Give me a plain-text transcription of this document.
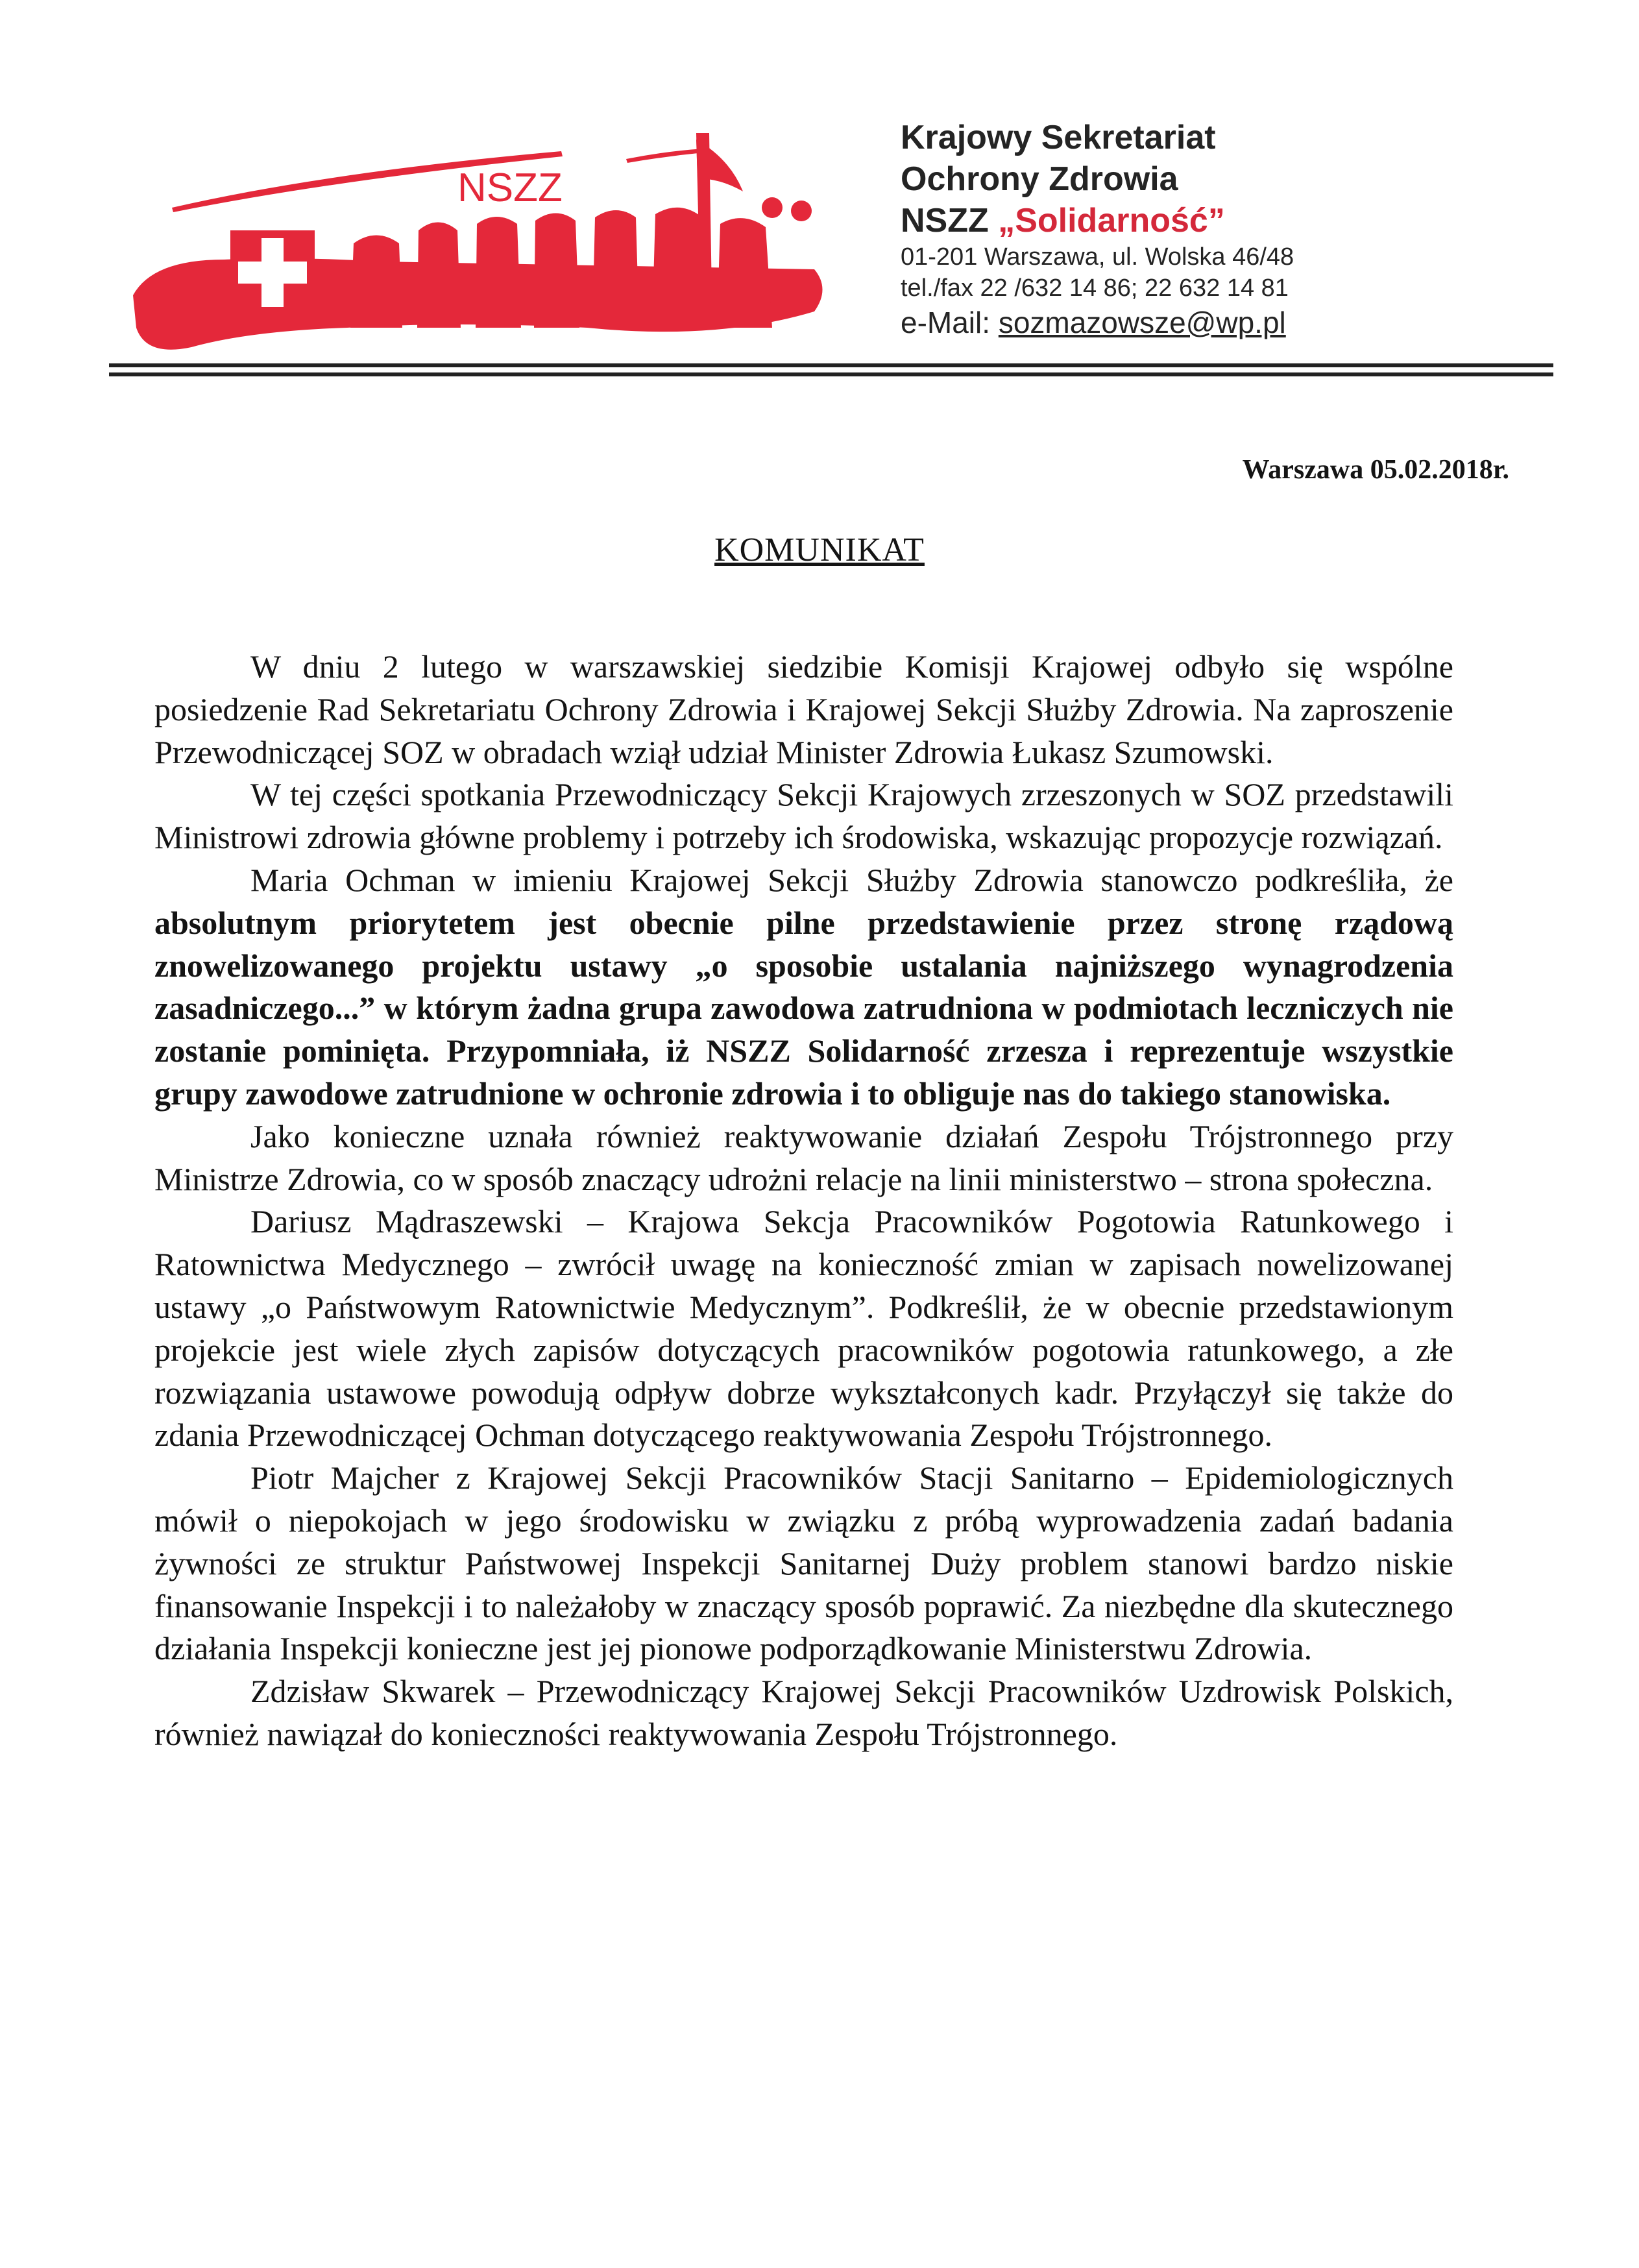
NSZZ
Krajowy Sekretariat
Ochrony Zdrowia
NSZZ „Solidarność”
01-201 Warszawa, ul. Wolska 46/48
tel./fax 22 /632 14 86; 22 632 14 81
e-Mail: sozmazowsze@wp.pl
Warszawa 05.02.2018r.
KOMUNIKAT

W dniu 2 lutego w warszawskiej siedzibie Komisji Krajowej odbyło się wspólne posiedzenie Rad Sekretariatu Ochrony Zdrowia i Krajowej Sekcji Służby Zdrowia. Na zaproszenie Przewodniczącej SOZ w obradach wziął udział Minister Zdrowia Łukasz Szumowski.

W tej części spotkania Przewodniczący Sekcji Krajowych zrzeszonych w SOZ przedstawili Ministrowi zdrowia główne problemy i potrzeby ich środowiska, wskazując propozycje rozwiązań.

Maria Ochman w imieniu Krajowej Sekcji Służby Zdrowia stanowczo podkreśliła, że absolutnym priorytetem jest obecnie pilne przedstawienie przez stronę rządową znowelizowanego projektu ustawy „o sposobie ustalania najniższego wynagrodzenia zasadniczego...” w którym żadna grupa zawodowa zatrudniona w podmiotach leczniczych nie zostanie pominięta. Przypomniała, iż NSZZ Solidarność zrzesza i reprezentuje wszystkie grupy zawodowe zatrudnione w ochronie zdrowia i to obliguje nas do takiego stanowiska.

Jako konieczne uznała również reaktywowanie działań Zespołu Trójstronnego przy Ministrze Zdrowia, co w sposób znaczący udrożni relacje na linii ministerstwo – strona społeczna.

Dariusz Mądraszewski – Krajowa Sekcja Pracowników Pogotowia Ratunkowego i Ratownictwa Medycznego – zwrócił uwagę na konieczność zmian w zapisach nowelizowanej ustawy „o Państwowym Ratownictwie Medycznym”. Podkreślił, że w obecnie przedstawionym projekcie jest wiele złych zapisów dotyczących pracowników pogotowia ratunkowego, a złe rozwiązania ustawowe powodują odpływ dobrze wykształconych kadr. Przyłączył się także do zdania Przewodniczącej Ochman dotyczącego reaktywowania Zespołu Trójstronnego.

Piotr Majcher z Krajowej Sekcji Pracowników Stacji Sanitarno – Epidemiologicznych mówił o niepokojach w jego środowisku w związku z próbą wyprowadzenia zadań badania żywności ze struktur Państwowej Inspekcji Sanitarnej Duży problem stanowi bardzo niskie finansowanie Inspekcji i to należałoby w znaczący sposób poprawić. Za niezbędne dla skutecznego działania Inspekcji konieczne jest jej pionowe podporządkowanie Ministerstwu Zdrowia.

Zdzisław Skwarek – Przewodniczący Krajowej Sekcji Pracowników Uzdrowisk Polskich, również nawiązał do konieczności reaktywowania Zespołu Trójstronnego.
